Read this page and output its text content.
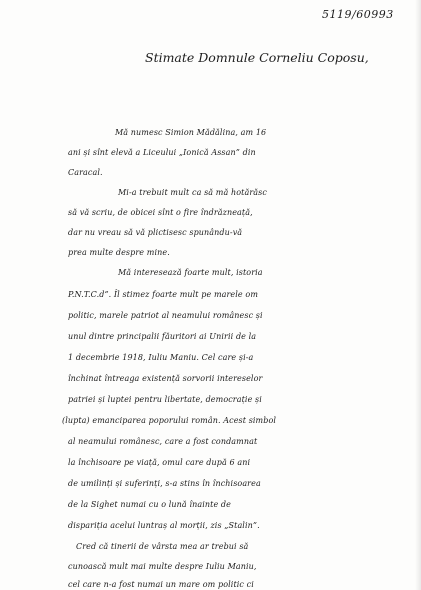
5119/60993
Stimate Domnule Corneliu Coposu,
Mă numesc Simion Mădălina, am 16
ani și sînt elevă a Liceului „Ionică Assan” din
Caracal.
Mi-a trebuit mult ca să mă hotărăsc
să vă scriu, de obicei sînt o fire îndrăzneață,
dar nu vreau să vă plictisesc spunându-vă
prea multe despre mine.
Mă interesează foarte mult, istoria
P.N.T.C.d”. Îl stimez foarte mult pe marele om
politic, marele patriot al neamului românesc și
unul dintre principalii făuritori ai Unirii de la
1 decembrie 1918, Iuliu Maniu. Cel care și-a
închinat întreaga existență sorvorii intereselor
patriei și luptei pentru libertate, democrație și
(lupta) emanciparea poporului român. Acest simbol
al neamului românesc, care a fost condamnat
la închisoare pe viață, omul care după 6 ani
de umilinți și suferinți, s-a stins în închisoarea
de la Sighet numai cu o lună înainte de
dispariția acelui luntraș al morții, zis „Stalin”.
Cred că tinerii de vârsta mea ar trebui să
cunoască mult mai multe despre Iuliu Maniu,
cel care n-a fost numai un mare om politic ci
